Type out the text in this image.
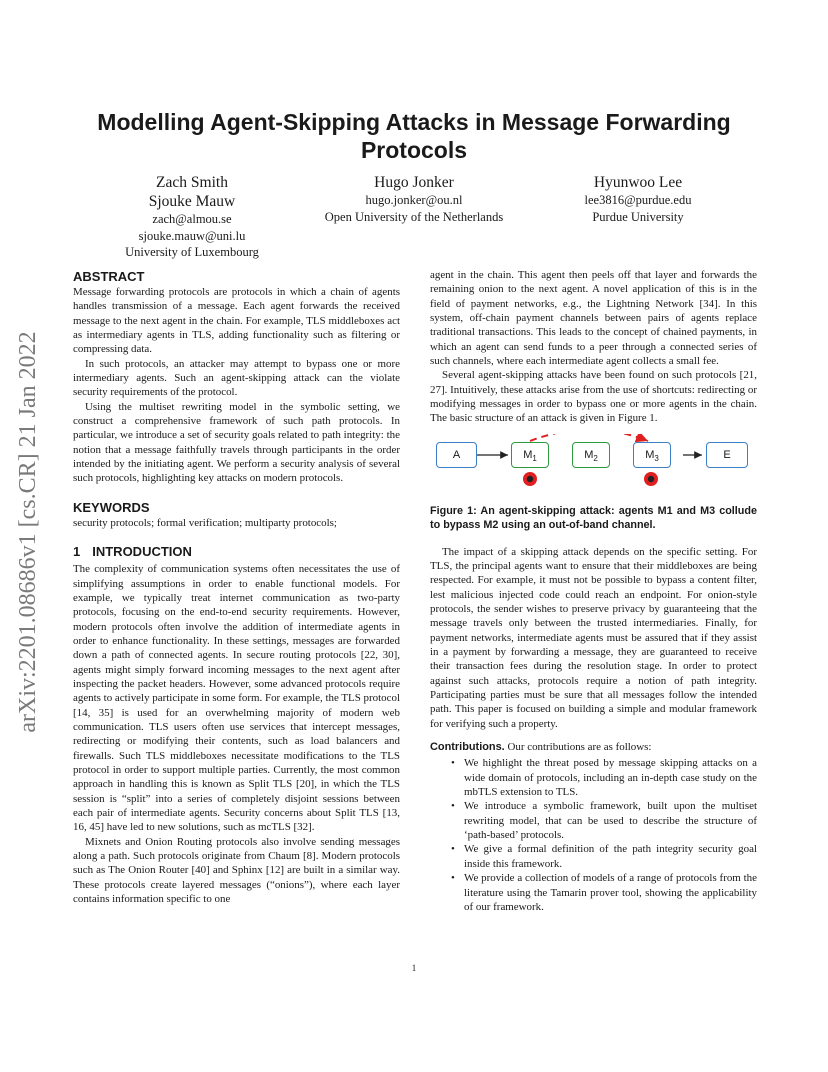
arXiv:2201.08686v1 [cs.CR] 21 Jan 2022
Modelling Agent-Skipping Attacks in Message Forwarding
Protocols
Zach Smith
Sjouke Mauw
zach@almou.se
sjouke.mauw@uni.lu
University of Luxembourg
Hugo Jonker
hugo.jonker@ou.nl
Open University of the Netherlands
Hyunwoo Lee
lee3816@purdue.edu
Purdue University
ABSTRACT

Message forwarding protocols are protocols in which a chain of agents handles transmission of a message. Each agent forwards the received message to the next agent in the chain. For example, TLS middleboxes act as intermediary agents in TLS, adding functionality such as filtering or compressing data.

In such protocols, an attacker may attempt to bypass one or more intermediary agents. Such an agent-skipping attack can the violate security requirements of the protocol.

Using the multiset rewriting model in the symbolic setting, we construct a comprehensive framework of such path protocols. In particular, we introduce a set of security goals related to path integrity: the notion that a message faithfully travels through participants in the order intended by the initiating agent. We perform a security analysis of several such protocols, highlighting key attacks on modern protocols.

KEYWORDS

security protocols; formal verification; multiparty protocols;

1 INTRODUCTION

The complexity of communication systems often necessitates the use of simplifying assumptions in order to enable functional models. For example, we typically treat internet communication as two-party protocols, focusing on the end-to-end security requirements. However, modern protocols often involve the addition of intermediate agents in order to enhance functionality. In these settings, messages are forwarded down a path of connected agents. In secure routing protocols [22, 30], agents might simply forward incoming messages to the next agent after inspecting the packet headers. However, some advanced protocols require agents to actively participate in some form. For example, the TLS protocol [14, 35] is used for an overwhelming majority of modern web communication. TLS users often use services that intercept messages, redirecting or modifying their contents, such as load balancers and firewalls. Such TLS middleboxes necessitate modifications to the TLS protocol in order to support multiple parties. Currently, the most common approach in handling this is known as Split TLS [20], in which the TLS session is “split” into a series of completely disjoint sessions between each pair of intermediate agents. Security concerns about Split TLS [13, 16, 45] have led to new solutions, such as mcTLS [32].

Mixnets and Onion Routing protocols also involve sending messages along a path. Such protocols originate from Chaum [8]. Modern protocols such as The Onion Router [40] and Sphinx [12] are built in a similar way. These protocols create layered messages (“onions”), where each layer contains information specific to one

agent in the chain. This agent then peels off that layer and forwards the remaining onion to the next agent. A novel application of this is in the field of payment networks, e.g., the Lightning Network [34]. In this system, off-chain payment channels between pairs of agents replace traditional transactions. This leads to the concept of chained payments, in which an agent can send funds to a peer through a connected series of such channels, where each intermediate agent collects a small fee.

Several agent-skipping attacks have been found on such protocols [21, 27]. Intuitively, these attacks arise from the use of shortcuts: redirecting or modifying messages in order to bypass one or more agents in the chain. The basic structure of an attack is given in Figure 1.

A	$M_1$	$M_2$	$M_3$	E

Figure 1: An agent-skipping attack: agents M1 and M3 collude to bypass M2 using an out-of-band channel.

The impact of a skipping attack depends on the specific setting. For TLS, the principal agents want to ensure that their middleboxes are being respected. For example, it must not be possible to bypass a content filter, lest malicious injected code could reach an endpoint. For onion-style protocols, the sender wishes to preserve privacy by guaranteeing that the message travels only between the trusted intermediaries. Finally, for payment networks, intermediate agents must be assured that if they assist in a payment by forwarding a message, they are guaranteed to receive their transaction fees during the resolution stage. In order to protect against such attacks, protocols require a notion of path integrity. Participating parties must be sure that all messages follow the intended path. This paper is focused on building a simple and modular framework for verifying such a property.

Contributions. Our contributions are as follows:

• We highlight the threat posed by message skipping attacks on a wide domain of protocols, including an in-depth case study on the mbTLS extension to TLS.
• We introduce a symbolic framework, built upon the multiset rewriting model, that can be used to describe the structure of ‘path-based’ protocols.
• We give a formal definition of the path integrity security goal inside this framework.
• We provide a collection of models of a range of protocols from the literature using the Tamarin prover tool, showing the applicability of our framework.
1
